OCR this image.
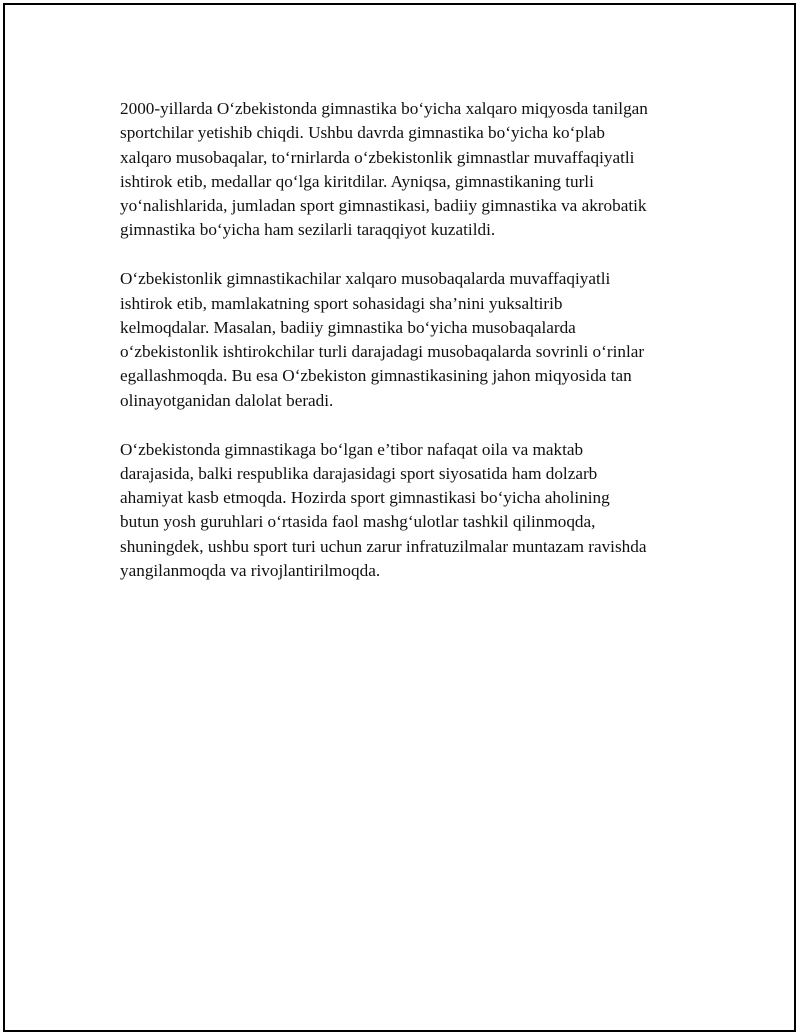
2000-yillarda O‘zbekistonda gimnastika bo‘yicha xalqaro miqyosda tanilgan
sportchilar yetishib chiqdi. Ushbu davrda gimnastika bo‘yicha ko‘plab
xalqaro musobaqalar, to‘rnirlarda o‘zbekistonlik gimnastlar muvaffaqiyatli
ishtirok etib, medallar qo‘lga kiritdilar. Ayniqsa, gimnastikaning turli
yo‘nalishlarida, jumladan sport gimnastikasi, badiiy gimnastika va akrobatik
gimnastika bo‘yicha ham sezilarli taraqqiyot kuzatildi.

O‘zbekistonlik gimnastikachilar xalqaro musobaqalarda muvaffaqiyatli
ishtirok etib, mamlakatning sport sohasidagi sha’nini yuksaltirib
kelmoqdalar. Masalan, badiiy gimnastika bo‘yicha musobaqalarda
o‘zbekistonlik ishtirokchilar turli darajadagi musobaqalarda sovrinli o‘rinlar
egallashmoqda. Bu esa O‘zbekiston gimnastikasining jahon miqyosida tan
olinayotganidan dalolat beradi.

O‘zbekistonda gimnastikaga bo‘lgan e’tibor nafaqat oila va maktab
darajasida, balki respublika darajasidagi sport siyosatida ham dolzarb
ahamiyat kasb etmoqda. Hozirda sport gimnastikasi bo‘yicha aholining
butun yosh guruhlari o‘rtasida faol mashg‘ulotlar tashkil qilinmoqda,
shuningdek, ushbu sport turi uchun zarur infratuzilmalar muntazam ravishda
yangilanmoqda va rivojlantirilmoqda.
